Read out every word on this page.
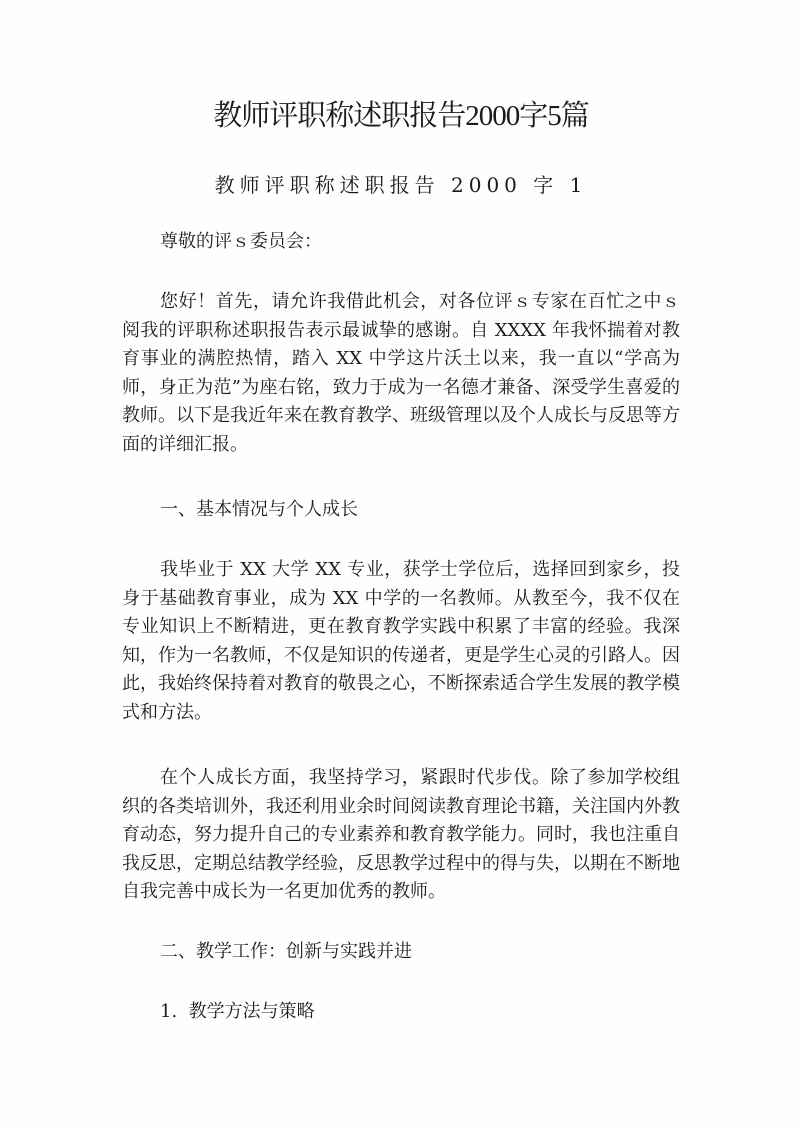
教师评职称述职报告2000字5篇
教师评职称述职报告 2000 字 1

尊敬的评ｓ委员会：

您好！首先，请允许我借此机会，对各位评ｓ专家在百忙之中ｓ阅我的评职称述职报告表示最诚挚的感谢。自 XXXX 年我怀揣着对教育事业的满腔热情，踏入 XX 中学这片沃土以来，我一直以“学高为师，身正为范”为座右铭，致力于成为一名德才兼备、深受学生喜爱的教师。以下是我近年来在教育教学、班级管理以及个人成长与反思等方面的详细汇报。

一、基本情况与个人成长

我毕业于 XX 大学 XX 专业，获学士学位后，选择回到家乡，投身于基础教育事业，成为 XX 中学的一名教师。从教至今，我不仅在专业知识上不断精进，更在教育教学实践中积累了丰富的经验。我深知，作为一名教师，不仅是知识的传递者，更是学生心灵的引路人。因此，我始终保持着对教育的敬畏之心，不断探索适合学生发展的教学模式和方法。

在个人成长方面，我坚持学习，紧跟时代步伐。除了参加学校组织的各类培训外，我还利用业余时间阅读教育理论书籍，关注国内外教育动态，努力提升自己的专业素养和教育教学能力。同时，我也注重自我反思，定期总结教学经验，反思教学过程中的得与失，以期在不断地自我完善中成长为一名更加优秀的教师。

二、教学工作：创新与实践并进

1.  教学方法与策略
